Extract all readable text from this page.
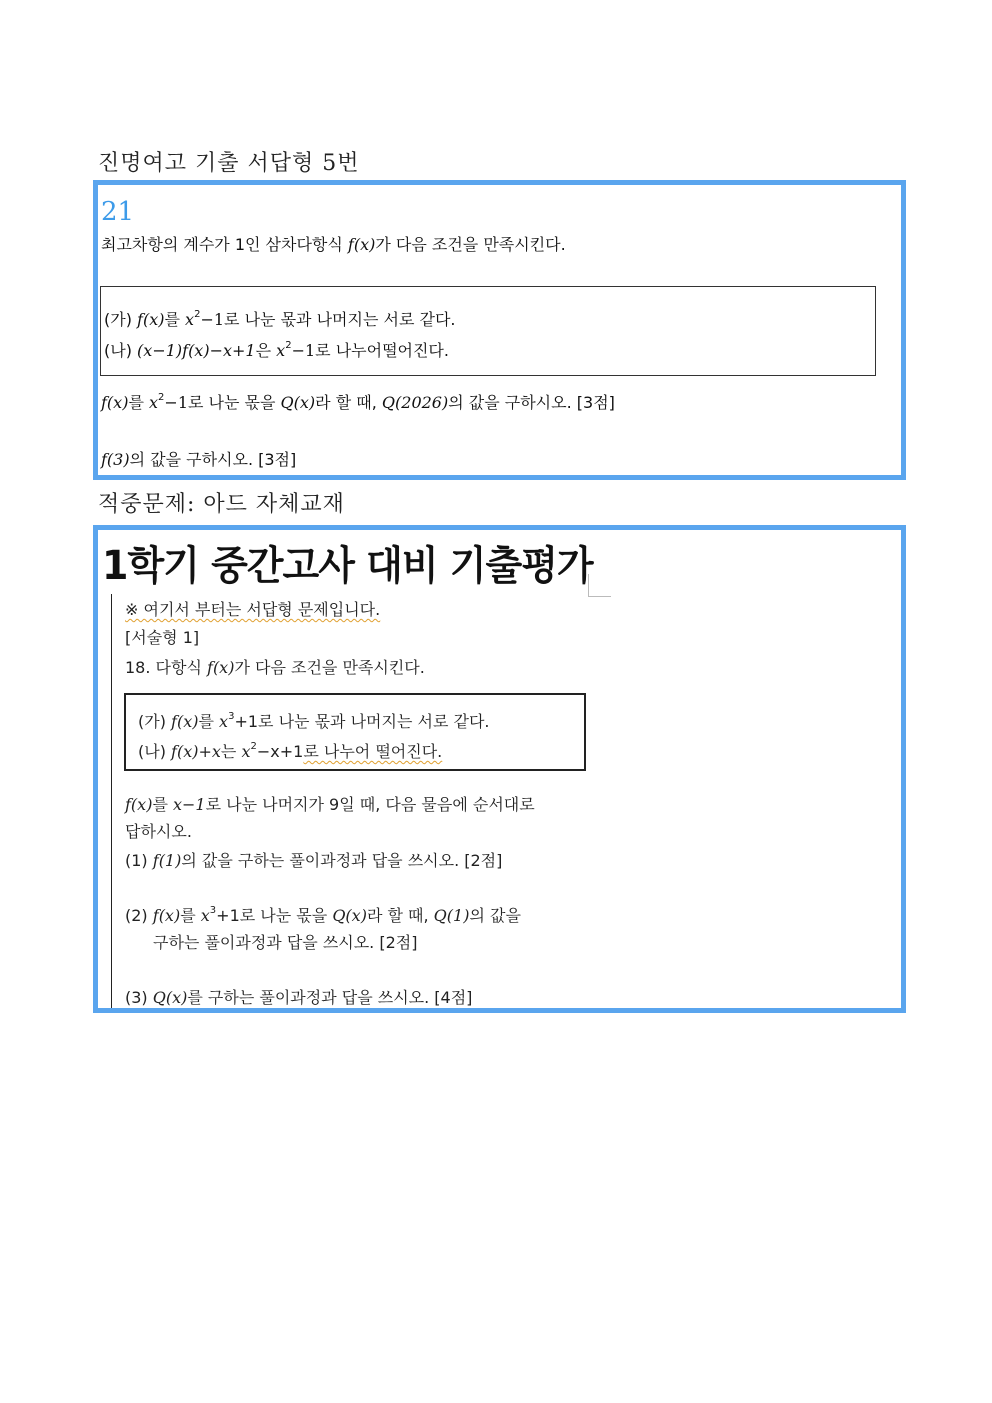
진명여고 기출 서답형 5번
21
최고차항의 계수가 1인 삼차다항식 f(x)가 다음 조건을 만족시킨다.
(가) f(x)를 $x^2-1$로 나눈 몫과 나머지는 서로 같다.
(나) (x−1)f(x)−x+1은 $x^2-1$로 나누어떨어진다.
f(x)를 $x^2-1$로 나눈 몫을 Q(x)라 할 때, Q(2026)의 값을 구하시오. [3점]
f(3)의 값을 구하시오. [3점]
적중문제: 아드 자체교재
1학기 중간고사 대비 기출평가
※ 여기서 부터는 서답형 문제입니다.
[서술형 1]
18. 다항식 f(x)가 다음 조건을 만족시킨다.
(가) f(x)를 $x^3+1$로 나눈 몫과 나머지는 서로 같다.
(나) f(x)+x는 $x^2-x+1$로 나누어 떨어진다.
f(x)를 x−1로 나눈 나머지가 9일 때, 다음 물음에 순서대로
답하시오.
(1) f(1)의 값을 구하는 풀이과정과 답을 쓰시오. [2점]
(2) f(x)를 $x^3+1$로 나눈 몫을 Q(x)라 할 때, Q(1)의 값을
구하는 풀이과정과 답을 쓰시오. [2점]
(3) Q(x)를 구하는 풀이과정과 답을 쓰시오. [4점]
